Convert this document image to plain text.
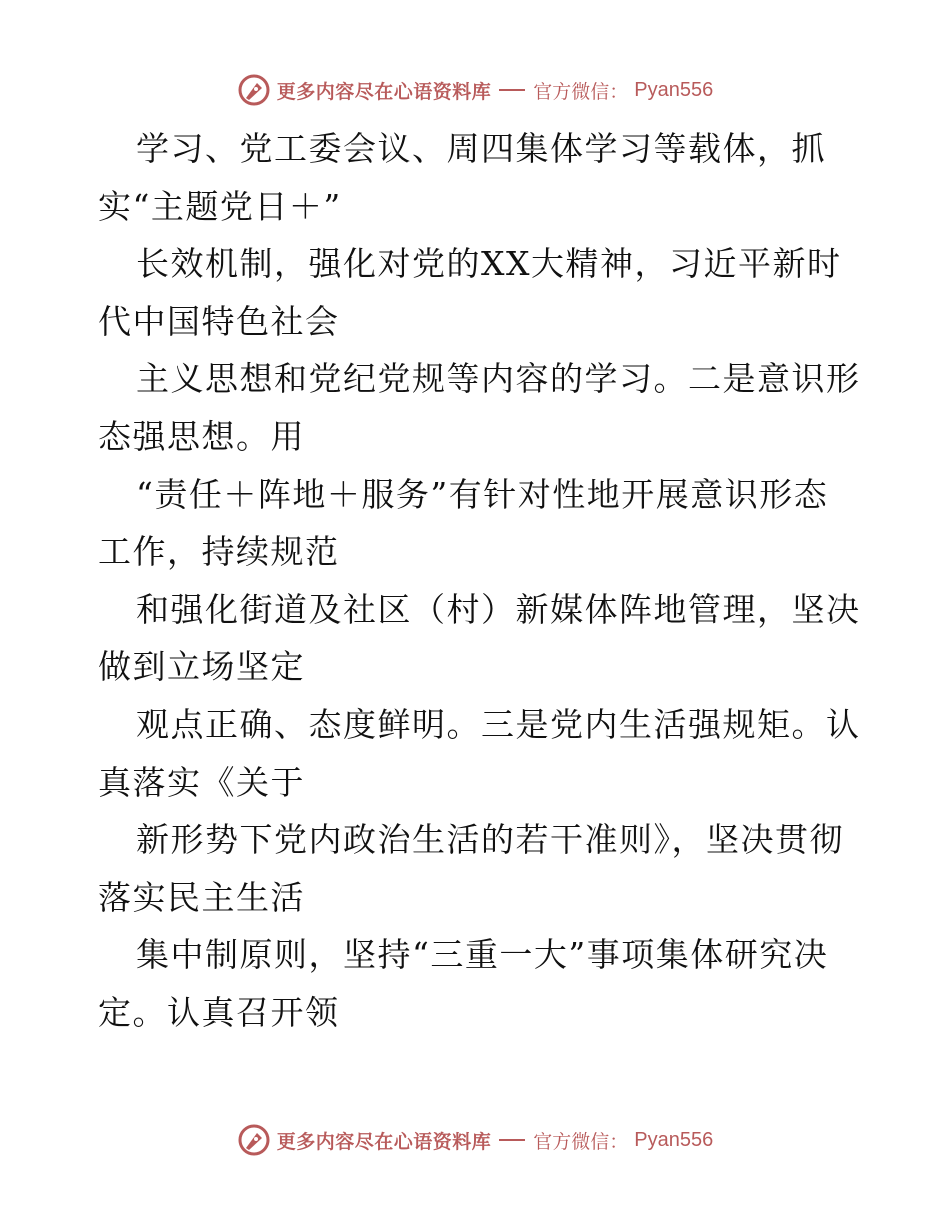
更多内容尽在心语资料库 官方微信： Pyan556
学习、党工委会议、周四集体学习等载体，抓
实“主题党日＋”
长效机制，强化对党的XX大精神，习近平新时
代中国特色社会
主义思想和党纪党规等内容的学习。二是意识形
态强思想。用
“责任＋阵地＋服务”有针对性地开展意识形态
工作，持续规范
和强化街道及社区（村）新媒体阵地管理，坚决
做到立场坚定
观点正确、态度鲜明。三是党内生活强规矩。认
真落实《关于
新形势下党内政治生活的若干准则》，坚决贯彻
落实民主生活
集中制原则，坚持“三重一大”事项集体研究决
定。认真召开领
更多内容尽在心语资料库 官方微信： Pyan556
